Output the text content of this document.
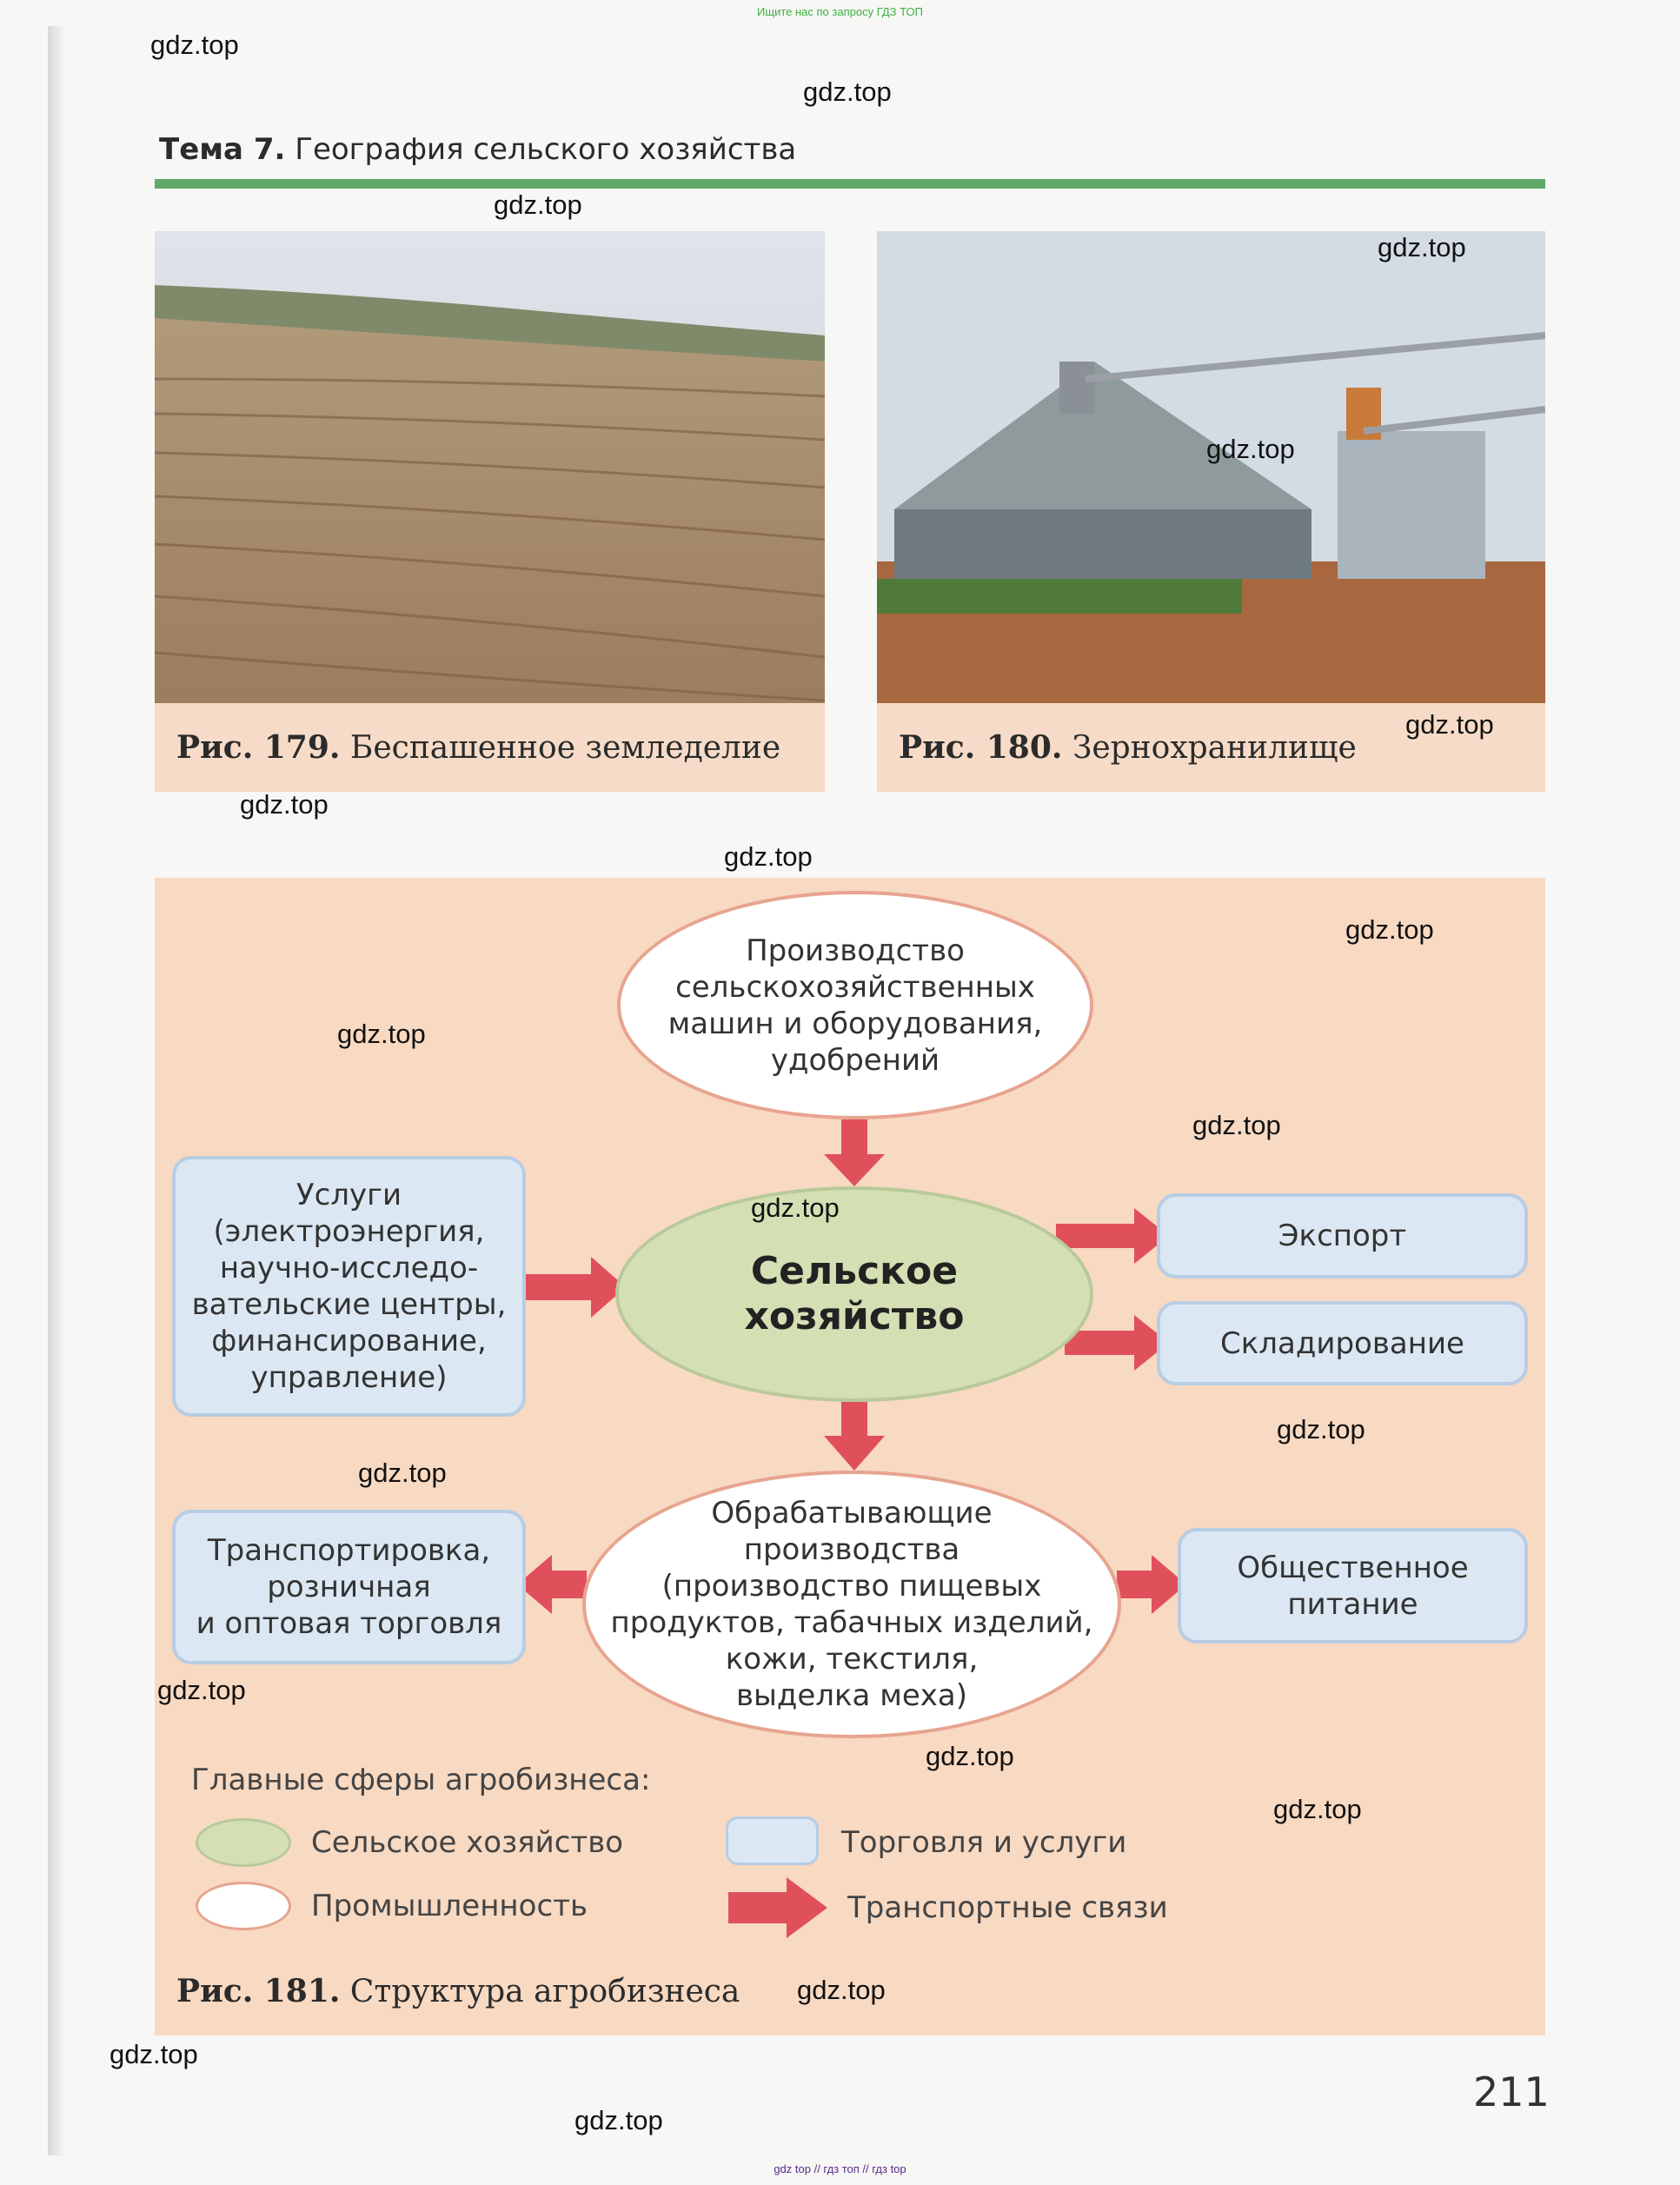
Ищите нас по запросу ГДЗ ТОП
Тема 7. География сельского хозяйства
Рис. 179. Беспашенное земледелие	Рис. 180. Зернохранилище
Производство
сельскохозяйственных
машин и оборудования,
удобрений
Сельское
хозяйство
Услуги
(электроэнергия,
научно-исследо-
вательские центры,
финансирование,
управление)
Экспорт
Складирование
Обрабатывающие
производства
(производство пищевых
продуктов, табачных изделий,
кожи, текстиля,
выделка меха)
Транспортировка,
розничная
и оптовая торговля
Общественное
питание
Главные сферы агробизнеса:
Сельское хозяйство
Промышленность
Торговля и услуги
Транспортные связи
Рис. 181. Структура агробизнеса
211
gdz.top
gdz.top
gdz.top
gdz.top
gdz.top
gdz.top
gdz.top
gdz.top
gdz.top
gdz.top
gdz.top
gdz.top
gdz.top
gdz.top
gdz.top
gdz.top
gdz.top
gdz.top
gdz.top
gdz.top
gdz top // гдз топ // гдз top
